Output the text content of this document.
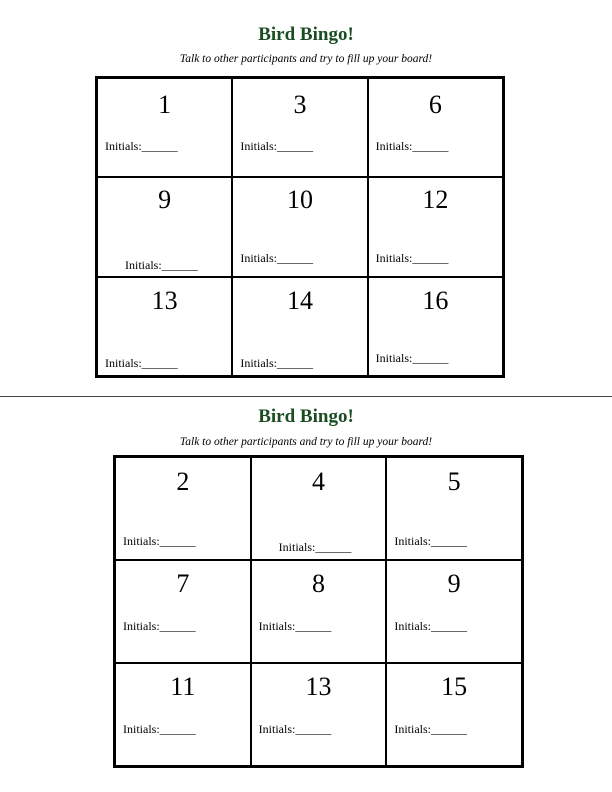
Bird Bingo!

Talk to other participants and try to fill up your board!

1
Initials:______
3
Initials:______
6
Initials:______
9
Initials:______
10
Initials:______
12
Initials:______
13
Initials:______
14
Initials:______
16
Initials:______
Bird Bingo!

Talk to other participants and try to fill up your board!

2
Initials:______
4
Initials:______
5
Initials:______
7
Initials:______
8
Initials:______
9
Initials:______
11
Initials:______
13
Initials:______
15
Initials:______
